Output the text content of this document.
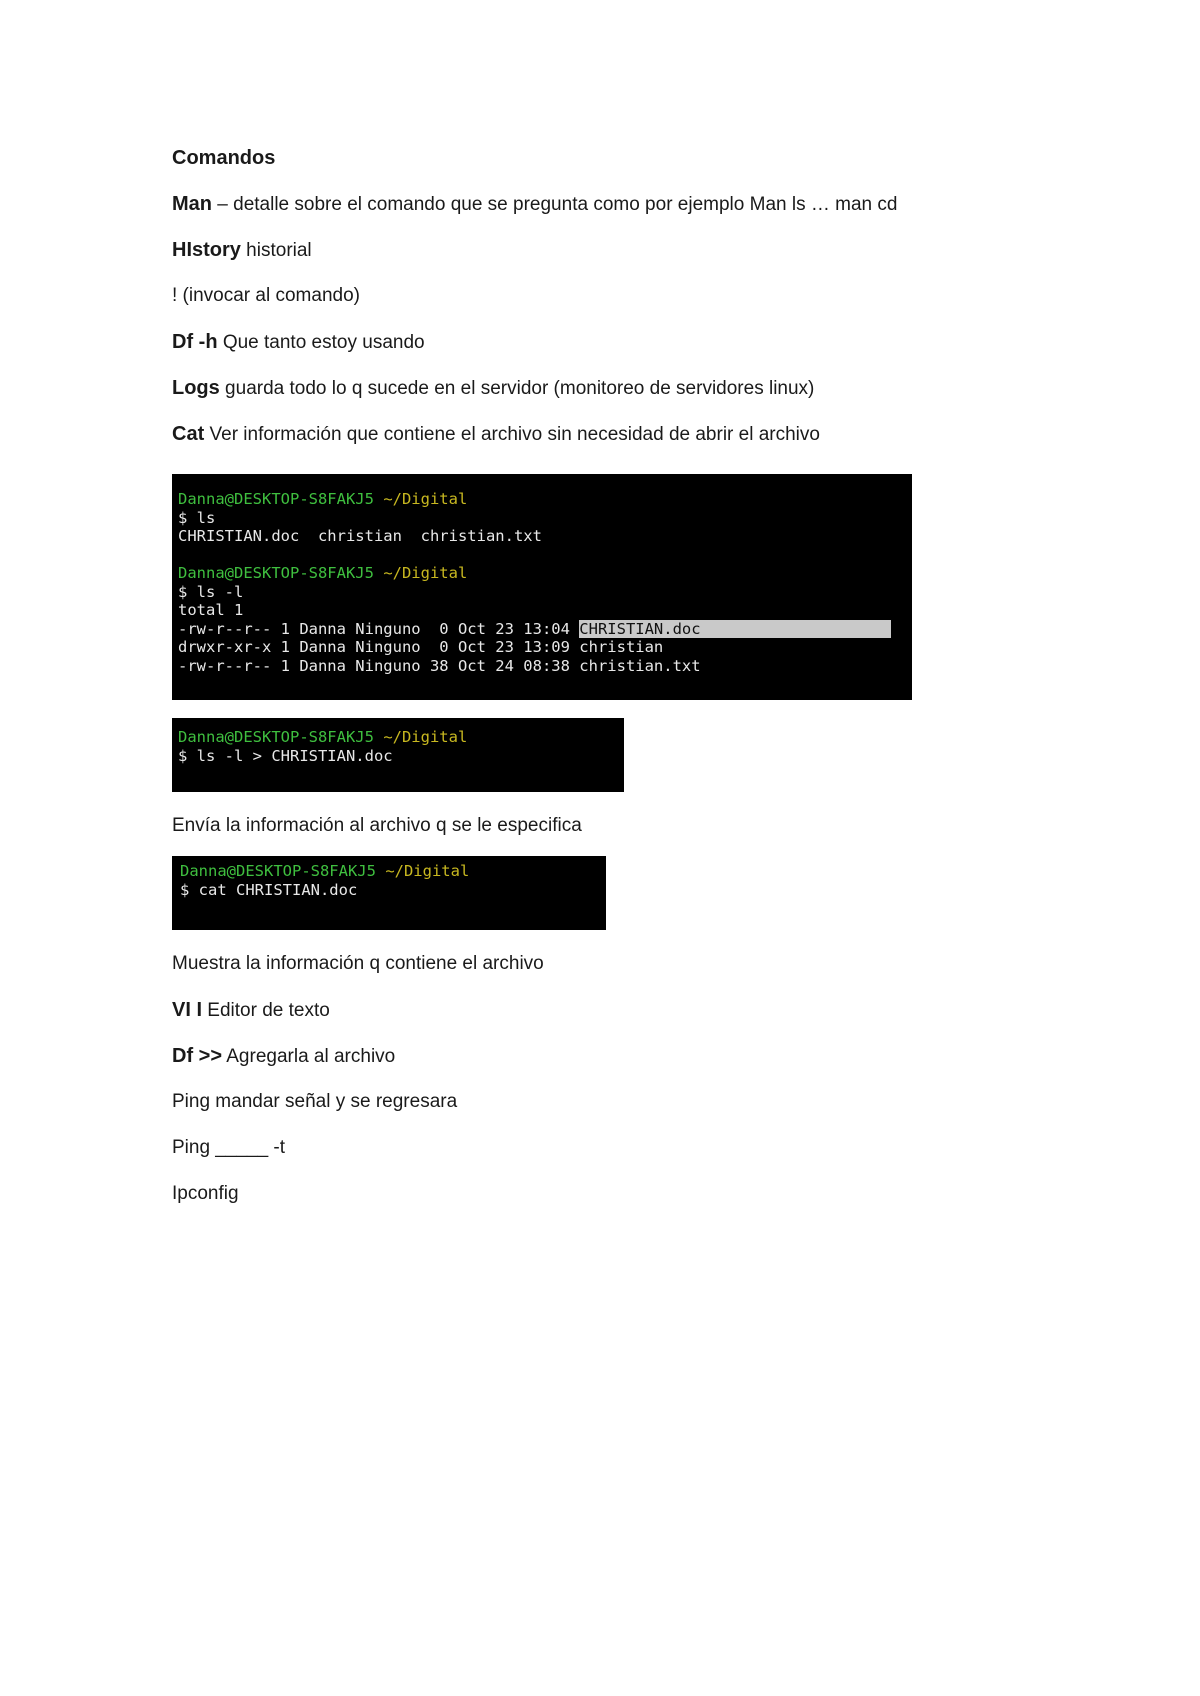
Comandos
Man – detalle sobre el comando que se pregunta como por ejemplo Man ls … man cd
HIstory historial
! (invocar al comando)
Df -h Que tanto estoy usando
Logs guarda todo lo q sucede en el servidor (monitoreo de servidores linux)
Cat Ver información que contiene el archivo sin necesidad de abrir el archivo
Danna@DESKTOP-S8FAKJ5 ~/Digital
$ ls
CHRISTIAN.doc  christian  christian.txt
Danna@DESKTOP-S8FAKJ5 ~/Digital
$ ls -l
total 1
-rw-r--r-- 1 Danna Ninguno  0 Oct 23 13:04 CHRISTIAN.doc
drwxr-xr-x 1 Danna Ninguno  0 Oct 23 13:09 christian
-rw-r--r-- 1 Danna Ninguno 38 Oct 24 08:38 christian.txt
Danna@DESKTOP-S8FAKJ5 ~/Digital
$ ls -l > CHRISTIAN.doc
Envía la información al archivo q se le especifica
Danna@DESKTOP-S8FAKJ5 ~/Digital
$ cat CHRISTIAN.doc
Muestra la información q contiene el archivo
VI I Editor de texto
Df >> Agregarla al archivo
Ping mandar señal y se regresara
Ping _____ -t
Ipconfig
